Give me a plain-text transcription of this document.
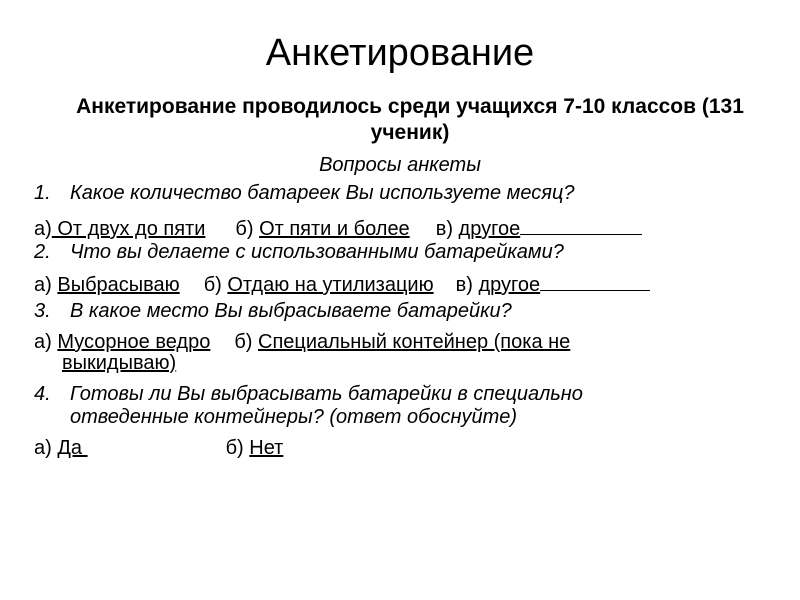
Анкетирование
Анкетирование проводилось среди учащихся 7-10 классов (131 ученик)
Вопросы анкеты
1. Какое количество батареек Вы используете месяц?
а) От двух до пяти б) От пяти и более в) другое
2. Что вы делаете с использованными батарейками?
а) Выбрасываю б) Отдаю на утилизацию в) другое
3. В какое место Вы выбрасываете батарейки?
а) Мусорное ведро б) Специальный контейнер (пока не
выкидываю)
4. Готовы ли Вы выбрасывать батарейки в специально
отведенные контейнеры? (ответ обоснуйте)
а) Да	б) Нет
